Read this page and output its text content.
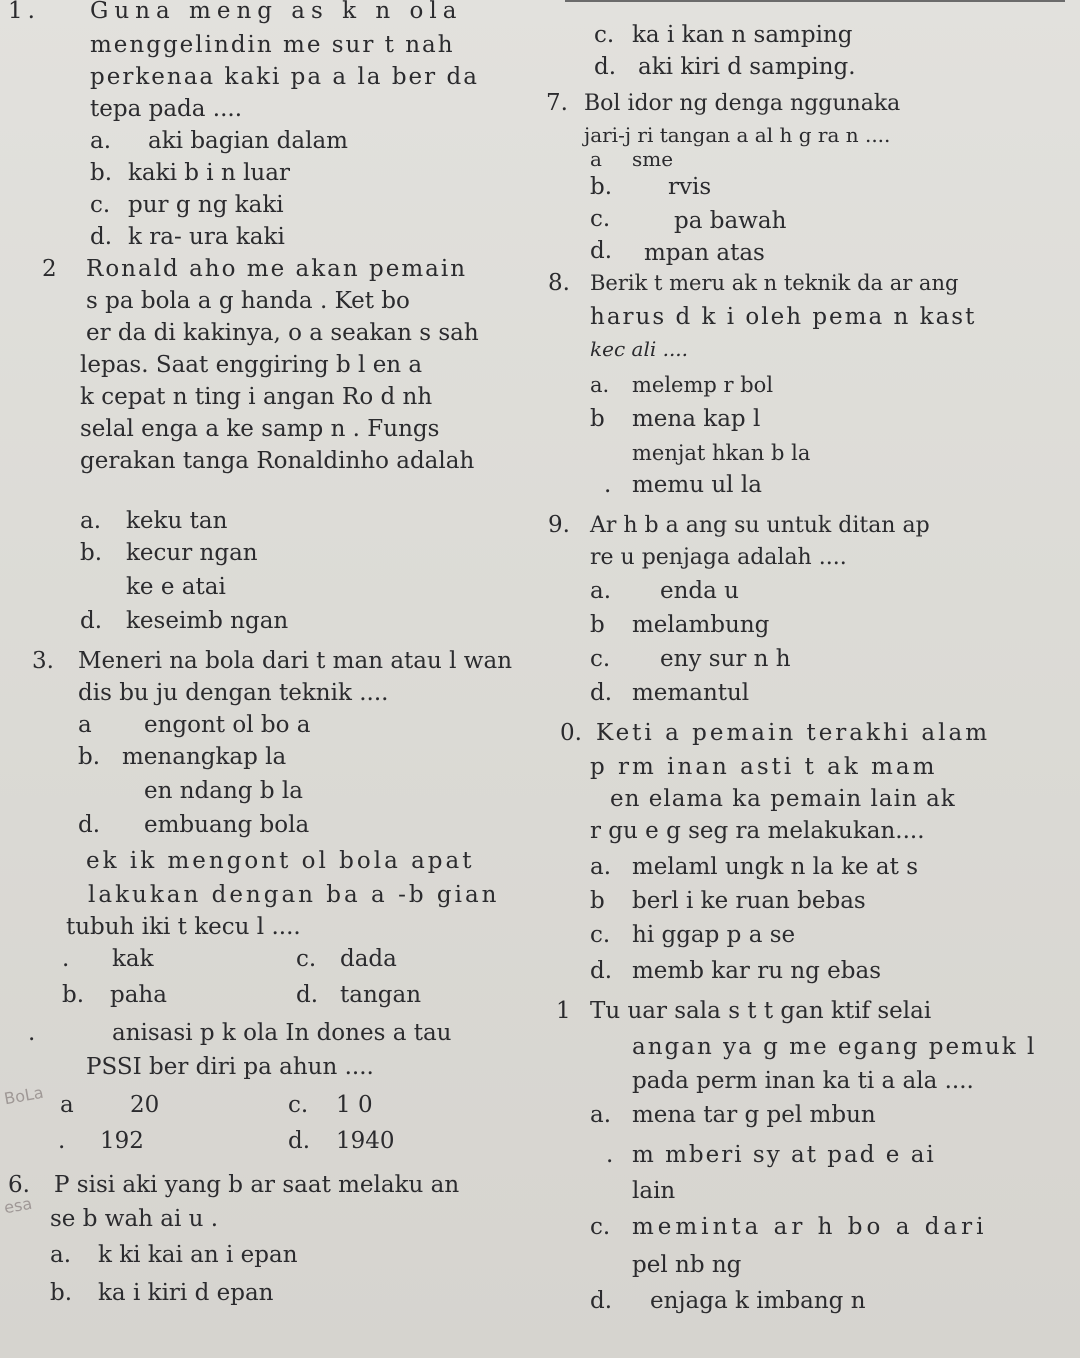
1. Guna meng as k n ola
menggelindin me sur t nah
perkenaa kaki pa a la ber da
tepa pada ....
a. aki bagian dalam
b. kaki b i n luar
c. pur g ng kaki
d. k ra- ura kaki
2 Ronald aho me akan pemain
s pa bola a g handa . Ket bo
er da di kakinya, o a seakan s sah
lepas. Saat enggiring b l en a
k cepat n ting i angan Ro d nh
selal enga a ke samp n . Fungs
gerakan tanga Ronaldinho adalah
a. keku tan
b. kecur ngan
ke e atai
d. keseimb ngan
3. Meneri na bola dari t man atau l wan
dis bu ju dengan teknik ....
a engont ol bo a
b. menangkap la
en ndang b la
d. embuang bola
ek ik mengont ol bola apat
lakukan dengan ba a -b gian
tubuh iki t kecu l ....
. kak	c. dada
b. paha	d. tangan
.	anisasi p k ola In dones a tau
PSSI ber diri pa ahun ....
a 20	c. 1 0
. 192	d. 1940
6. P sisi aki yang b ar saat melaku an
se b wah ai u .
a. k ki kai an i epan
b. ka i kiri d epan
BoLa
esa
c. ka i kan n samping
d. aki kiri d samping.
7. Bol idor ng denga nggunaka
jari-j ri tangan a al h g ra n ....
a sme
b. rvis
c.	pa bawah
d. mpan atas
8. Berik t meru ak n teknik da ar ang
harus d k i oleh pema n kast
kec ali ....
a. melemp r bol
b mena kap l
menjat hkan b la
. memu ul la
9. Ar h b a ang su untuk ditan ap
re u penjaga adalah ....
a. enda u
b melambung
c. eny sur n h
d. memantul
0. Keti a pemain terakhi alam
p rm inan asti t ak mam
en elama ka pemain lain ak
r gu e g seg ra melakukan....
a. melaml ungk n la ke at s
b berl i ke ruan bebas
c. hi ggap p a se
d. memb kar ru ng ebas
1 Tu uar sala s t t gan ktif selai
angan ya g me egang pemuk l
pada perm inan ka ti a ala ....
a. mena tar g pel mbun
. m mberi sy at pad e ai
lain
c. meminta ar h bo a dari
pel nb ng
d. enjaga k imbang n
